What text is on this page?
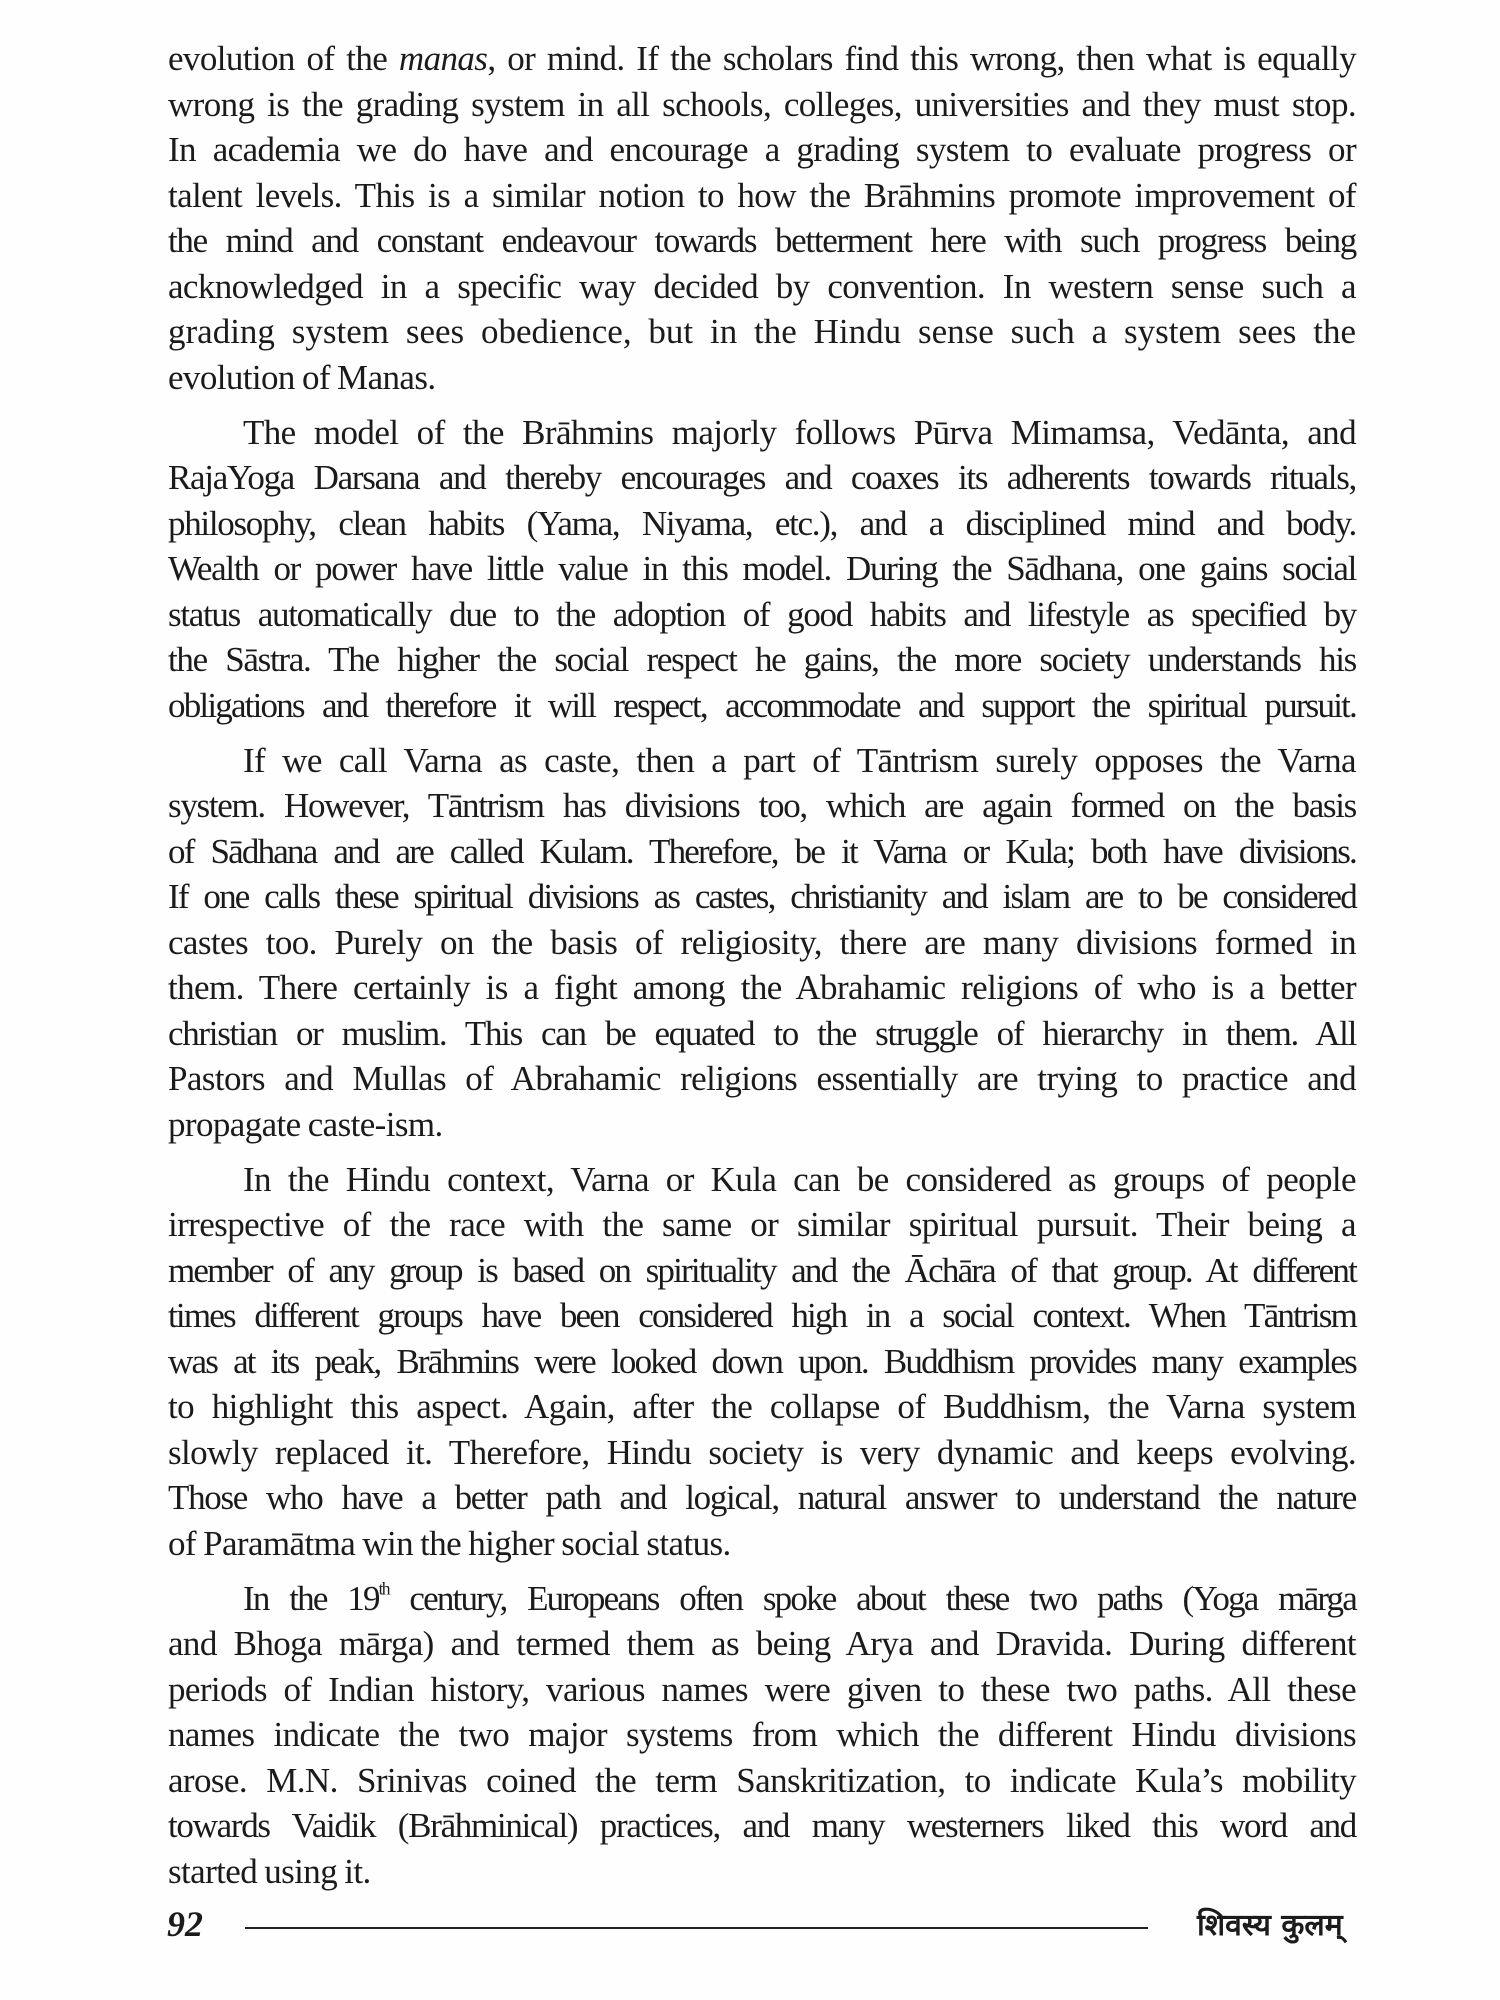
evolution of the manas, or mind. If the scholars find this wrong, then what is equally
wrong is the grading system in all schools, colleges, universities and they must stop.
In academia we do have and encourage a grading system to evaluate progress or
talent levels. This is a similar notion to how the Brāhmins promote improvement of
the mind and constant endeavour towards betterment here with such progress being
acknowledged in a specific way decided by convention. In western sense such a
grading system sees obedience, but in the Hindu sense such a system sees the
evolution of Manas.
The model of the Brāhmins majorly follows Pūrva Mimamsa, Vedānta, and
RajaYoga Darsana and thereby encourages and coaxes its adherents towards rituals,
philosophy, clean habits (Yama, Niyama, etc.), and a disciplined mind and body.
Wealth or power have little value in this model. During the Sādhana, one gains social
status automatically due to the adoption of good habits and lifestyle as specified by
the Sāstra. The higher the social respect he gains, the more society understands his
obligations and therefore it will respect, accommodate and support the spiritual pursuit.
If we call Varna as caste, then a part of Tāntrism surely opposes the Varna
system. However, Tāntrism has divisions too, which are again formed on the basis
of Sādhana and are called Kulam. Therefore, be it Varna or Kula; both have divisions.
If one calls these spiritual divisions as castes, christianity and islam are to be considered
castes too. Purely on the basis of religiosity, there are many divisions formed in
them. There certainly is a fight among the Abrahamic religions of who is a better
christian or muslim. This can be equated to the struggle of hierarchy in them. All
Pastors and Mullas of Abrahamic religions essentially are trying to practice and
propagate caste-ism.
In the Hindu context, Varna or Kula can be considered as groups of people
irrespective of the race with the same or similar spiritual pursuit. Their being a
member of any group is based on spirituality and the Āchāra of that group. At different
times different groups have been considered high in a social context. When Tāntrism
was at its peak, Brāhmins were looked down upon. Buddhism provides many examples
to highlight this aspect. Again, after the collapse of Buddhism, the Varna system
slowly replaced it. Therefore, Hindu society is very dynamic and keeps evolving.
Those who have a better path and logical, natural answer to understand the nature
of Paramātma win the higher social status.
In the 19th century, Europeans often spoke about these two paths (Yoga mārga
and Bhoga mārga) and termed them as being Arya and Dravida. During different
periods of Indian history, various names were given to these two paths. All these
names indicate the two major systems from which the different Hindu divisions
arose. M.N. Srinivas coined the term Sanskritization, to indicate Kula’s mobility
towards Vaidik (Brāhminical) practices, and many westerners liked this word and
started using it.
92	शिवस्य कुलम्
